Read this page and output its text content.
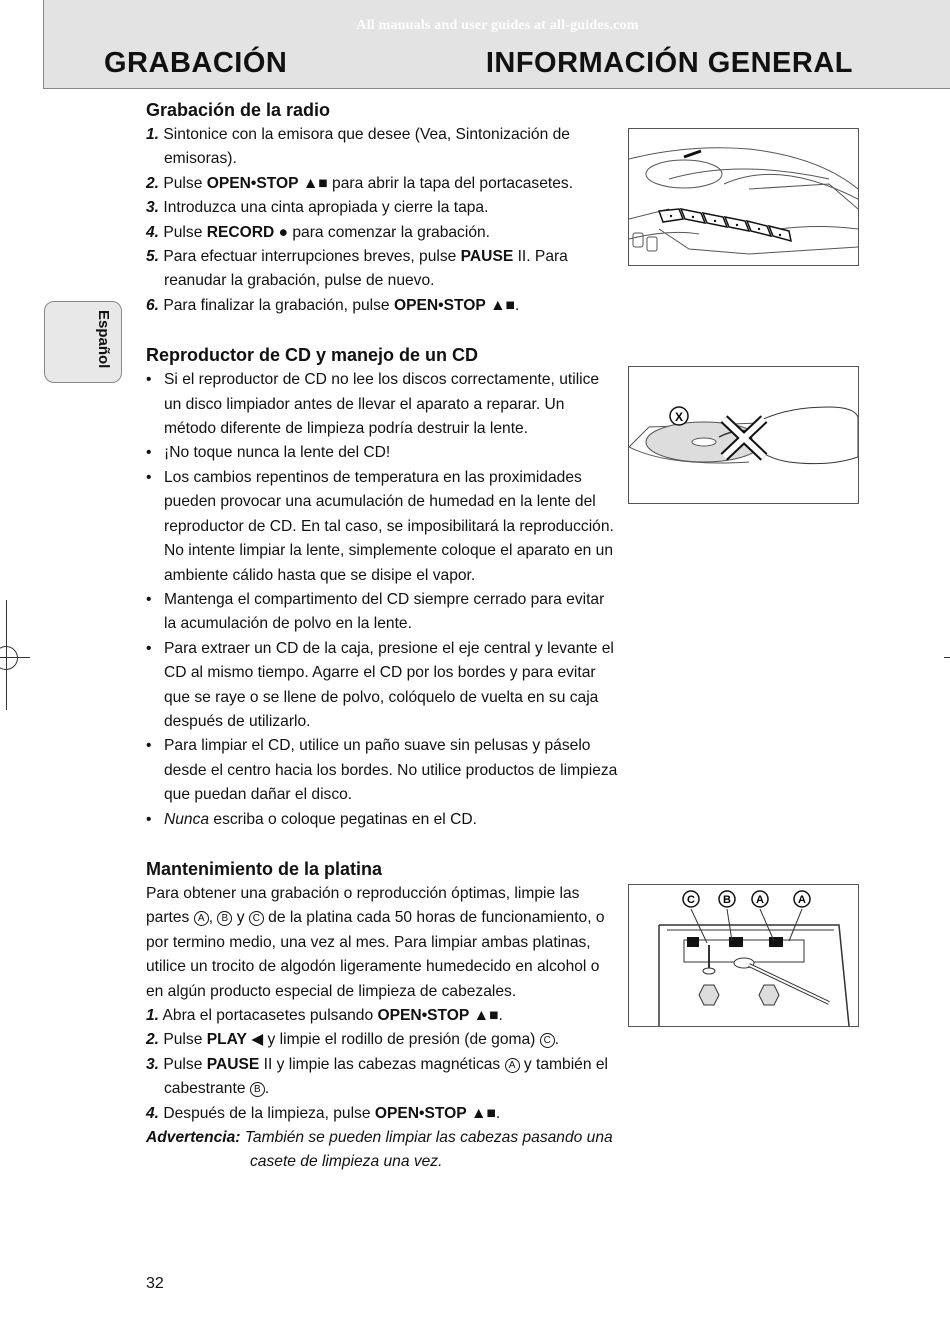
All manuals and user guides at all-guides.com
GRABACIÓN	INFORMACIÓN GENERAL
Español
Grabación de la radio
1. Sintonice con la emisora que desee (Vea, Sintonización de emisoras).
2. Pulse OPEN•STOP ▲■ para abrir la tapa del portacasetes.
3. Introduzca una cinta apropiada y cierre la tapa.
4. Pulse RECORD ● para comenzar la grabación.
5. Para efectuar interrupciones breves, pulse PAUSE II. Para reanudar la grabación, pulse de nuevo.
6. Para finalizar la grabación, pulse OPEN•STOP ▲■.
Reproductor de CD y manejo de un CD
• Si el reproductor de CD no lee los discos correctamente, utilice un disco limpiador antes de llevar el aparato a reparar. Un método diferente de limpieza podría destruir la lente.
• ¡No toque nunca la lente del CD!
• Los cambios repentinos de temperatura en las proximidades pueden provocar una acumulación de humedad en la lente del reproductor de CD. En tal caso, se imposibilitará la reproducción. No intente limpiar la lente, simplemente coloque el aparato en un ambiente cálido hasta que se disipe el vapor.
• Mantenga el compartimento del CD siempre cerrado para evitar la acumulación de polvo en la lente.
• Para extraer un CD de la caja, presione el eje central y levante el CD al mismo tiempo. Agarre el CD por los bordes y para evitar que se raye o se llene de polvo, colóquelo de vuelta en su caja después de utilizarlo.
• Para limpiar el CD, utilice un paño suave sin pelusas y páselo desde el centro hacia los bordes. No utilice productos de limpieza que puedan dañar el disco.
• Nunca escriba o coloque pegatinas en el CD.
Mantenimiento de la platina
Para obtener una grabación o reproducción óptimas, limpie las partes A , B y C de la platina cada 50 horas de funcionamiento, o por termino medio, una vez al mes. Para limpiar ambas platinas, utilice un trocito de algodón ligeramente humedecido en alcohol o en algún producto especial de limpieza de cabezales.
1. Abra el portacasetes pulsando OPEN•STOP ▲■.
2. Pulse PLAY ◀ y limpie el rodillo de presión (de goma) C .
3. Pulse PAUSE II y limpie las cabezas magnéticas A y también el cabestrante B .
4. Después de la limpieza, pulse OPEN•STOP ▲■.
Advertencia: También se pueden limpiar las cabezas pasando una casete de limpieza una vez.
X
C	B A	A
32
